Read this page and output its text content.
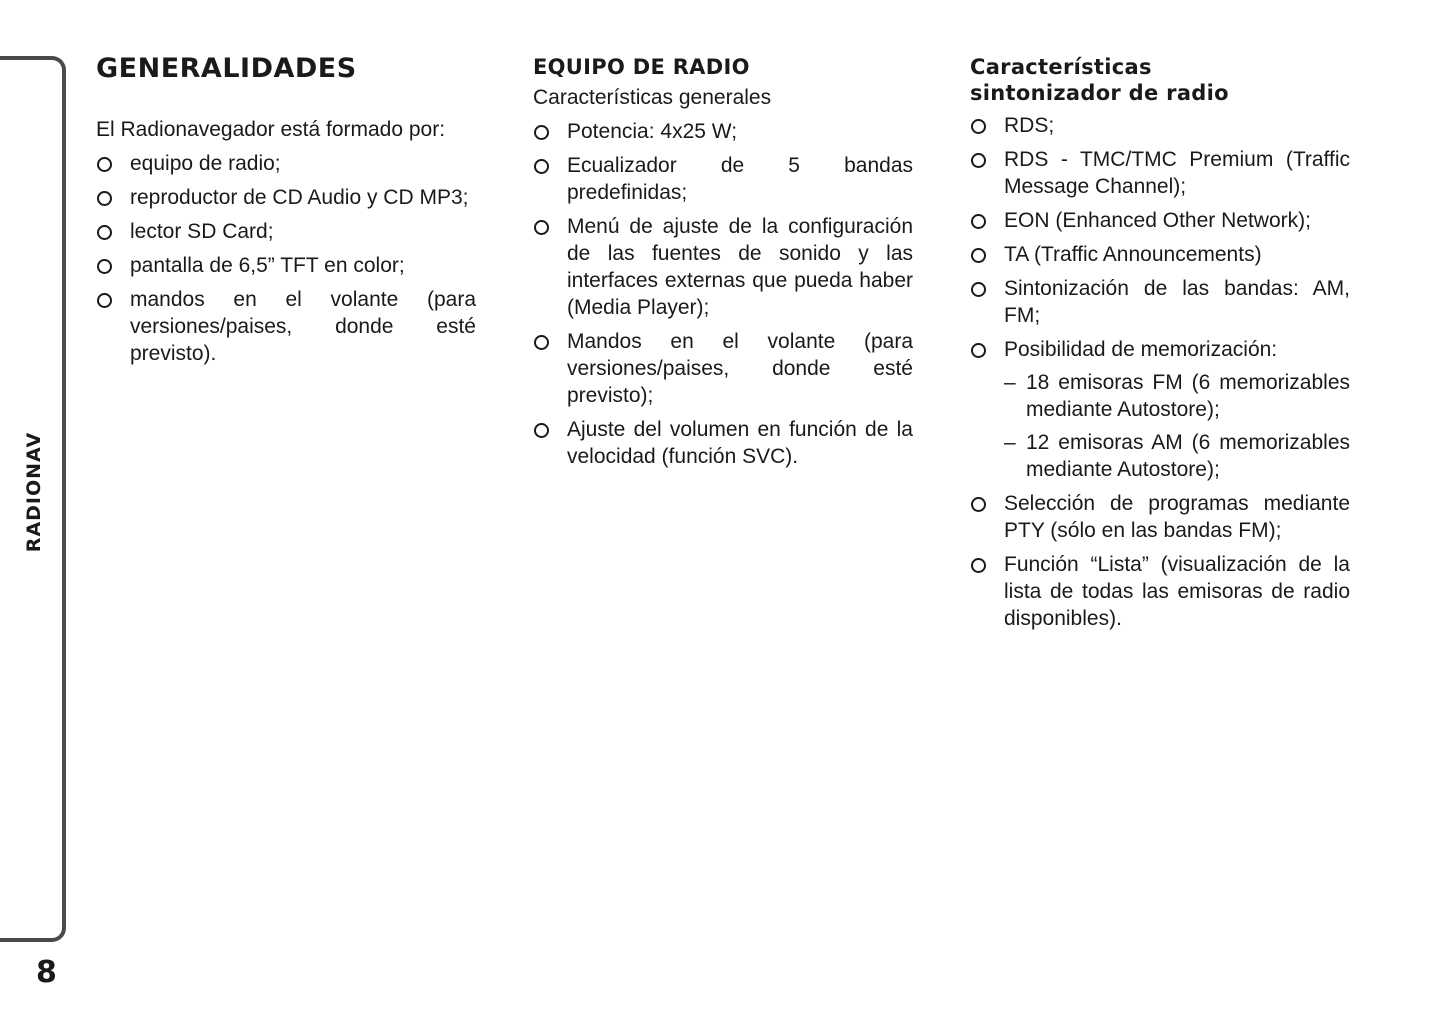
RADIONAV
8
GENERALIDADES

El Radionavegador está formado por:

equipo de radio;
reproductor de CD Audio y CD MP3;
lector SD Card;
pantalla de 6,5” TFT en color;
mandos en el volante (para versiones/paises, donde esté previsto).
EQUIPO DE RADIO

Características generales

Potencia: 4x25 W;
Ecualizador de 5 bandas predefinidas;
Menú de ajuste de la configuración de las fuentes de sonido y las interfaces externas que pueda haber (Media Player);
Mandos en el volante (para versiones/paises, donde esté previsto);
Ajuste del volumen en función de la velocidad (función SVC).
Características
sintonizador de radio
RDS;
RDS - TMC/TMC Premium (Traffic Message Channel);
EON (Enhanced Other Network);
TA (Traffic Announcements)
Sintonización de las bandas: AM, FM;
Posibilidad de memorización:
– 18 emisoras FM (6 memorizables mediante Autostore);
– 12 emisoras AM (6 memorizables mediante Autostore);
Selección de programas mediante PTY (sólo en las bandas FM);
Función “Lista” (visualización de la lista de todas las emisoras de radio disponibles).
